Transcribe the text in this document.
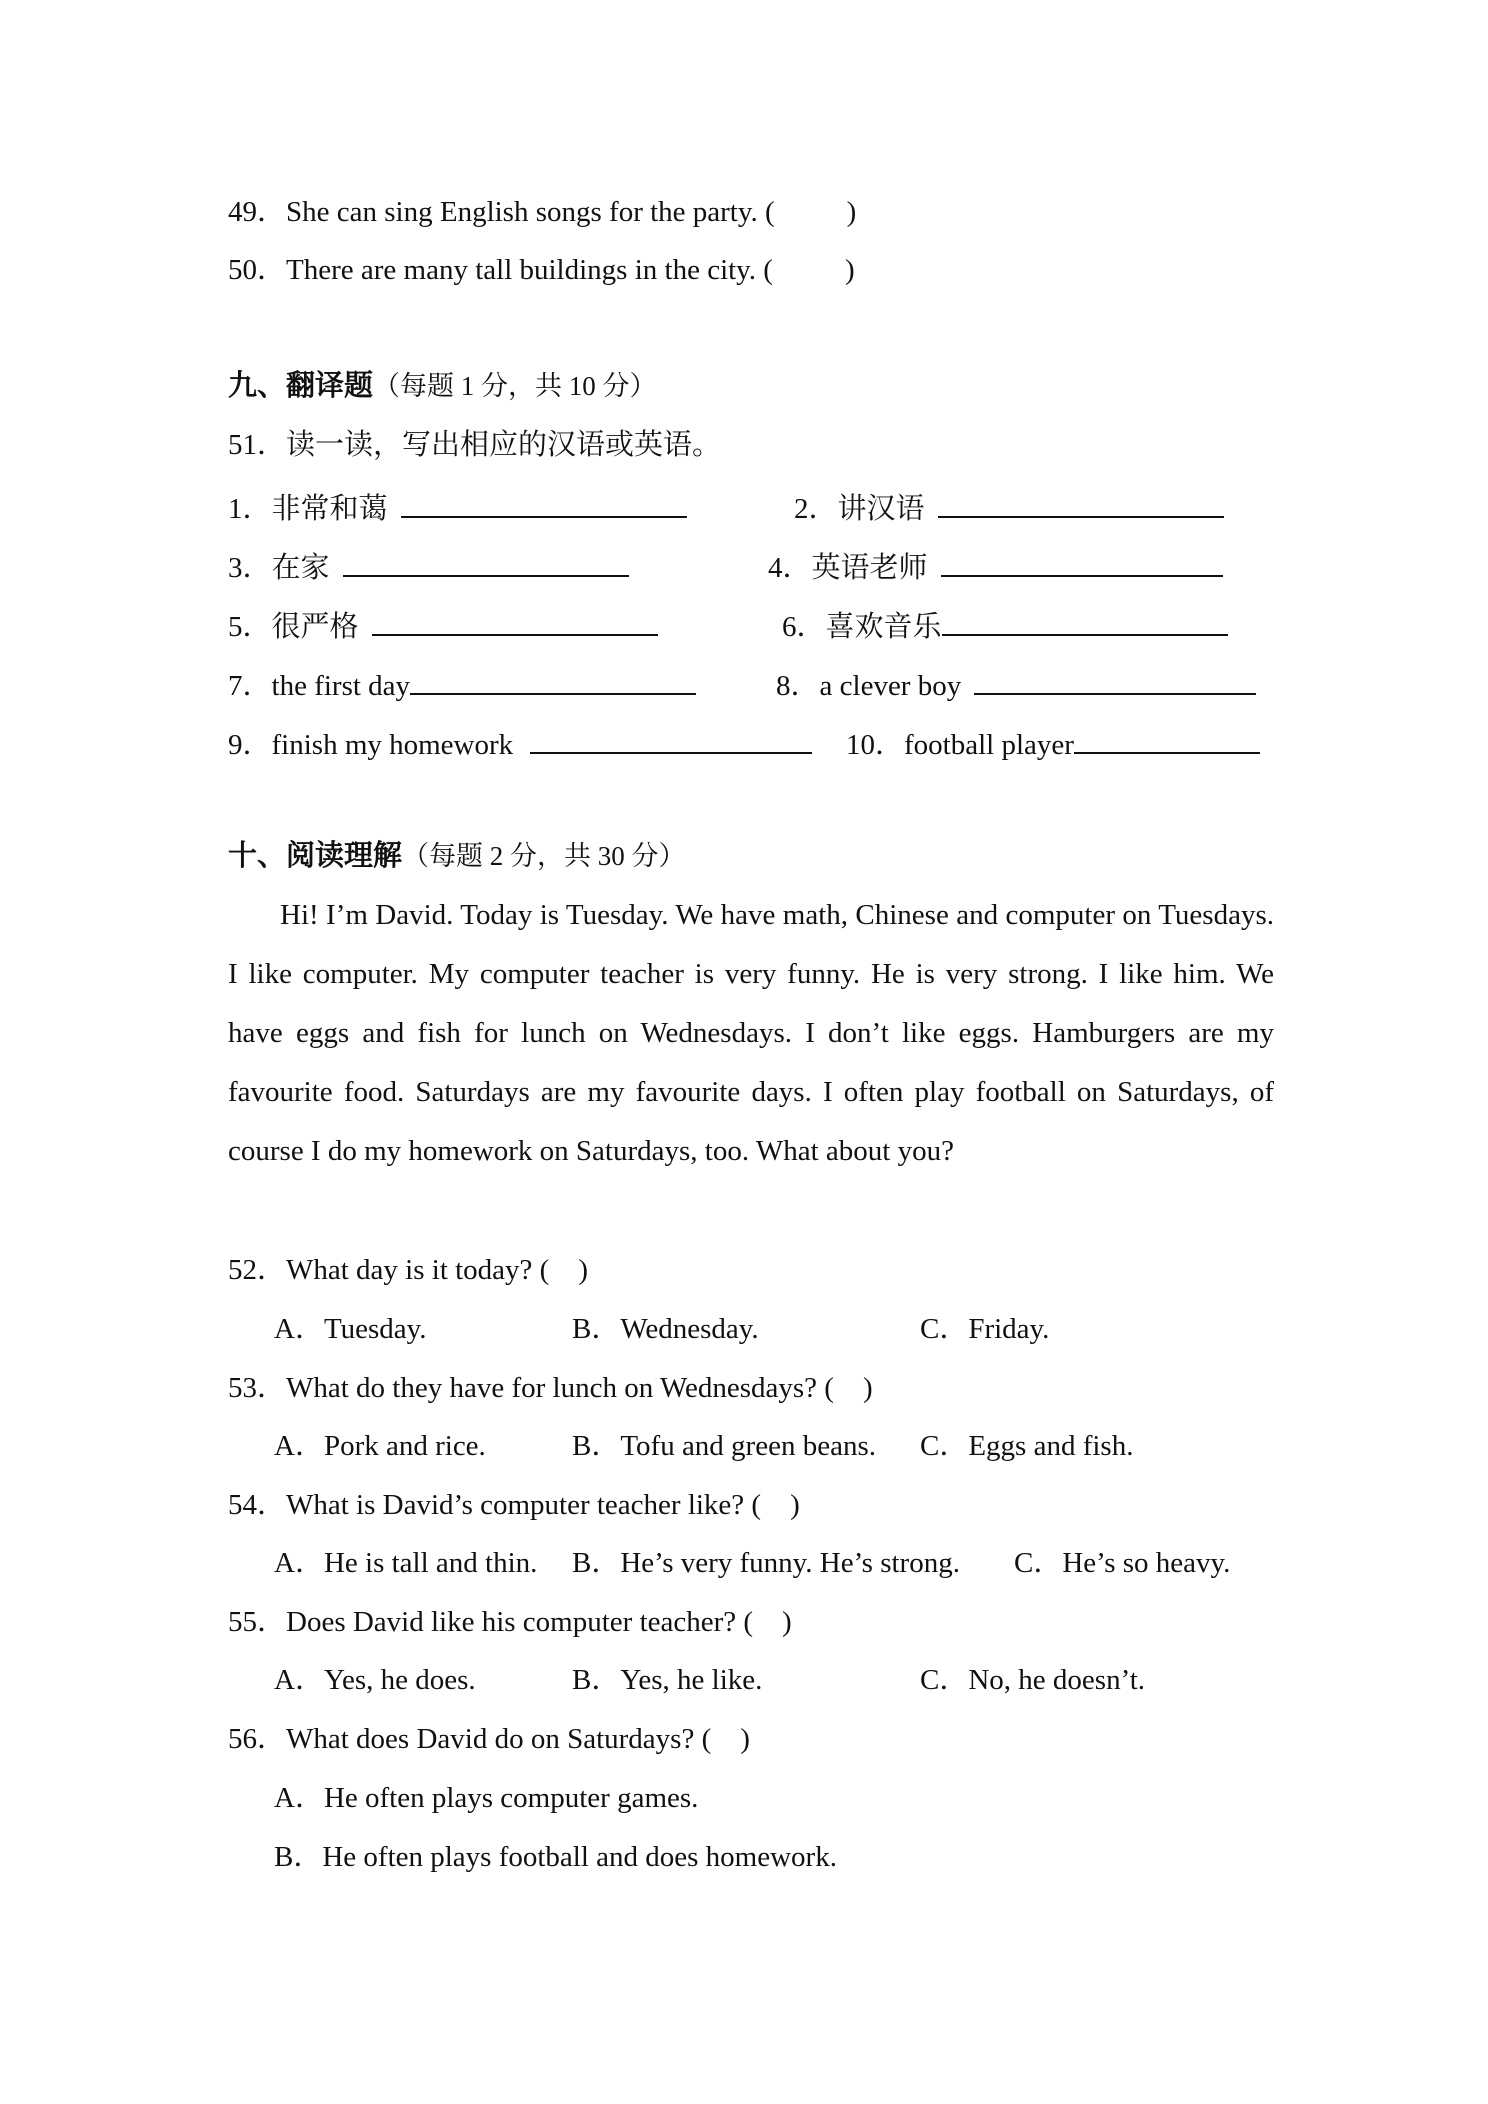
49．She can sing English songs for the party. ( )
50．There are many tall buildings in the city. ( )
九、翻译题（每题 1 分，共 10 分）
51．读一读，写出相应的汉语或英语。
1．非常和蔼	2．讲汉语
3．在家	4．英语老师
5．很严格	6．喜欢音乐
7．the first day	8．a clever boy
9．finish my homework	10．football player
十、阅读理解（每题 2 分，共 30 分）
Hi! I’m David. Today is Tuesday. We have math, Chinese and computer on Tuesdays. I like computer. My computer teacher is very funny. He is very strong. I like him. We have eggs and fish for lunch on Wednesdays. I don’t like eggs. Hamburgers are my favourite food. Saturdays are my favourite days. I often play football on Saturdays, of course I do my homework on Saturdays, too. What about you?
52．What day is it today? (    )
A．Tuesday.	B．Wednesday.	C．Friday.
53．What do they have for lunch on Wednesdays? (    )
A．Pork and rice.	B．Tofu and green beans. C．Eggs and fish.
54．What is David’s computer teacher like? (    )
A．He is tall and thin. B．He’s very funny. He’s strong. C．He’s so heavy.
55．Does David like his computer teacher? (    )
A．Yes, he does.	B．Yes, he like.	C．No, he doesn’t.
56．What does David do on Saturdays? (    )
A．He often plays computer games.
B．He often plays football and does homework.
